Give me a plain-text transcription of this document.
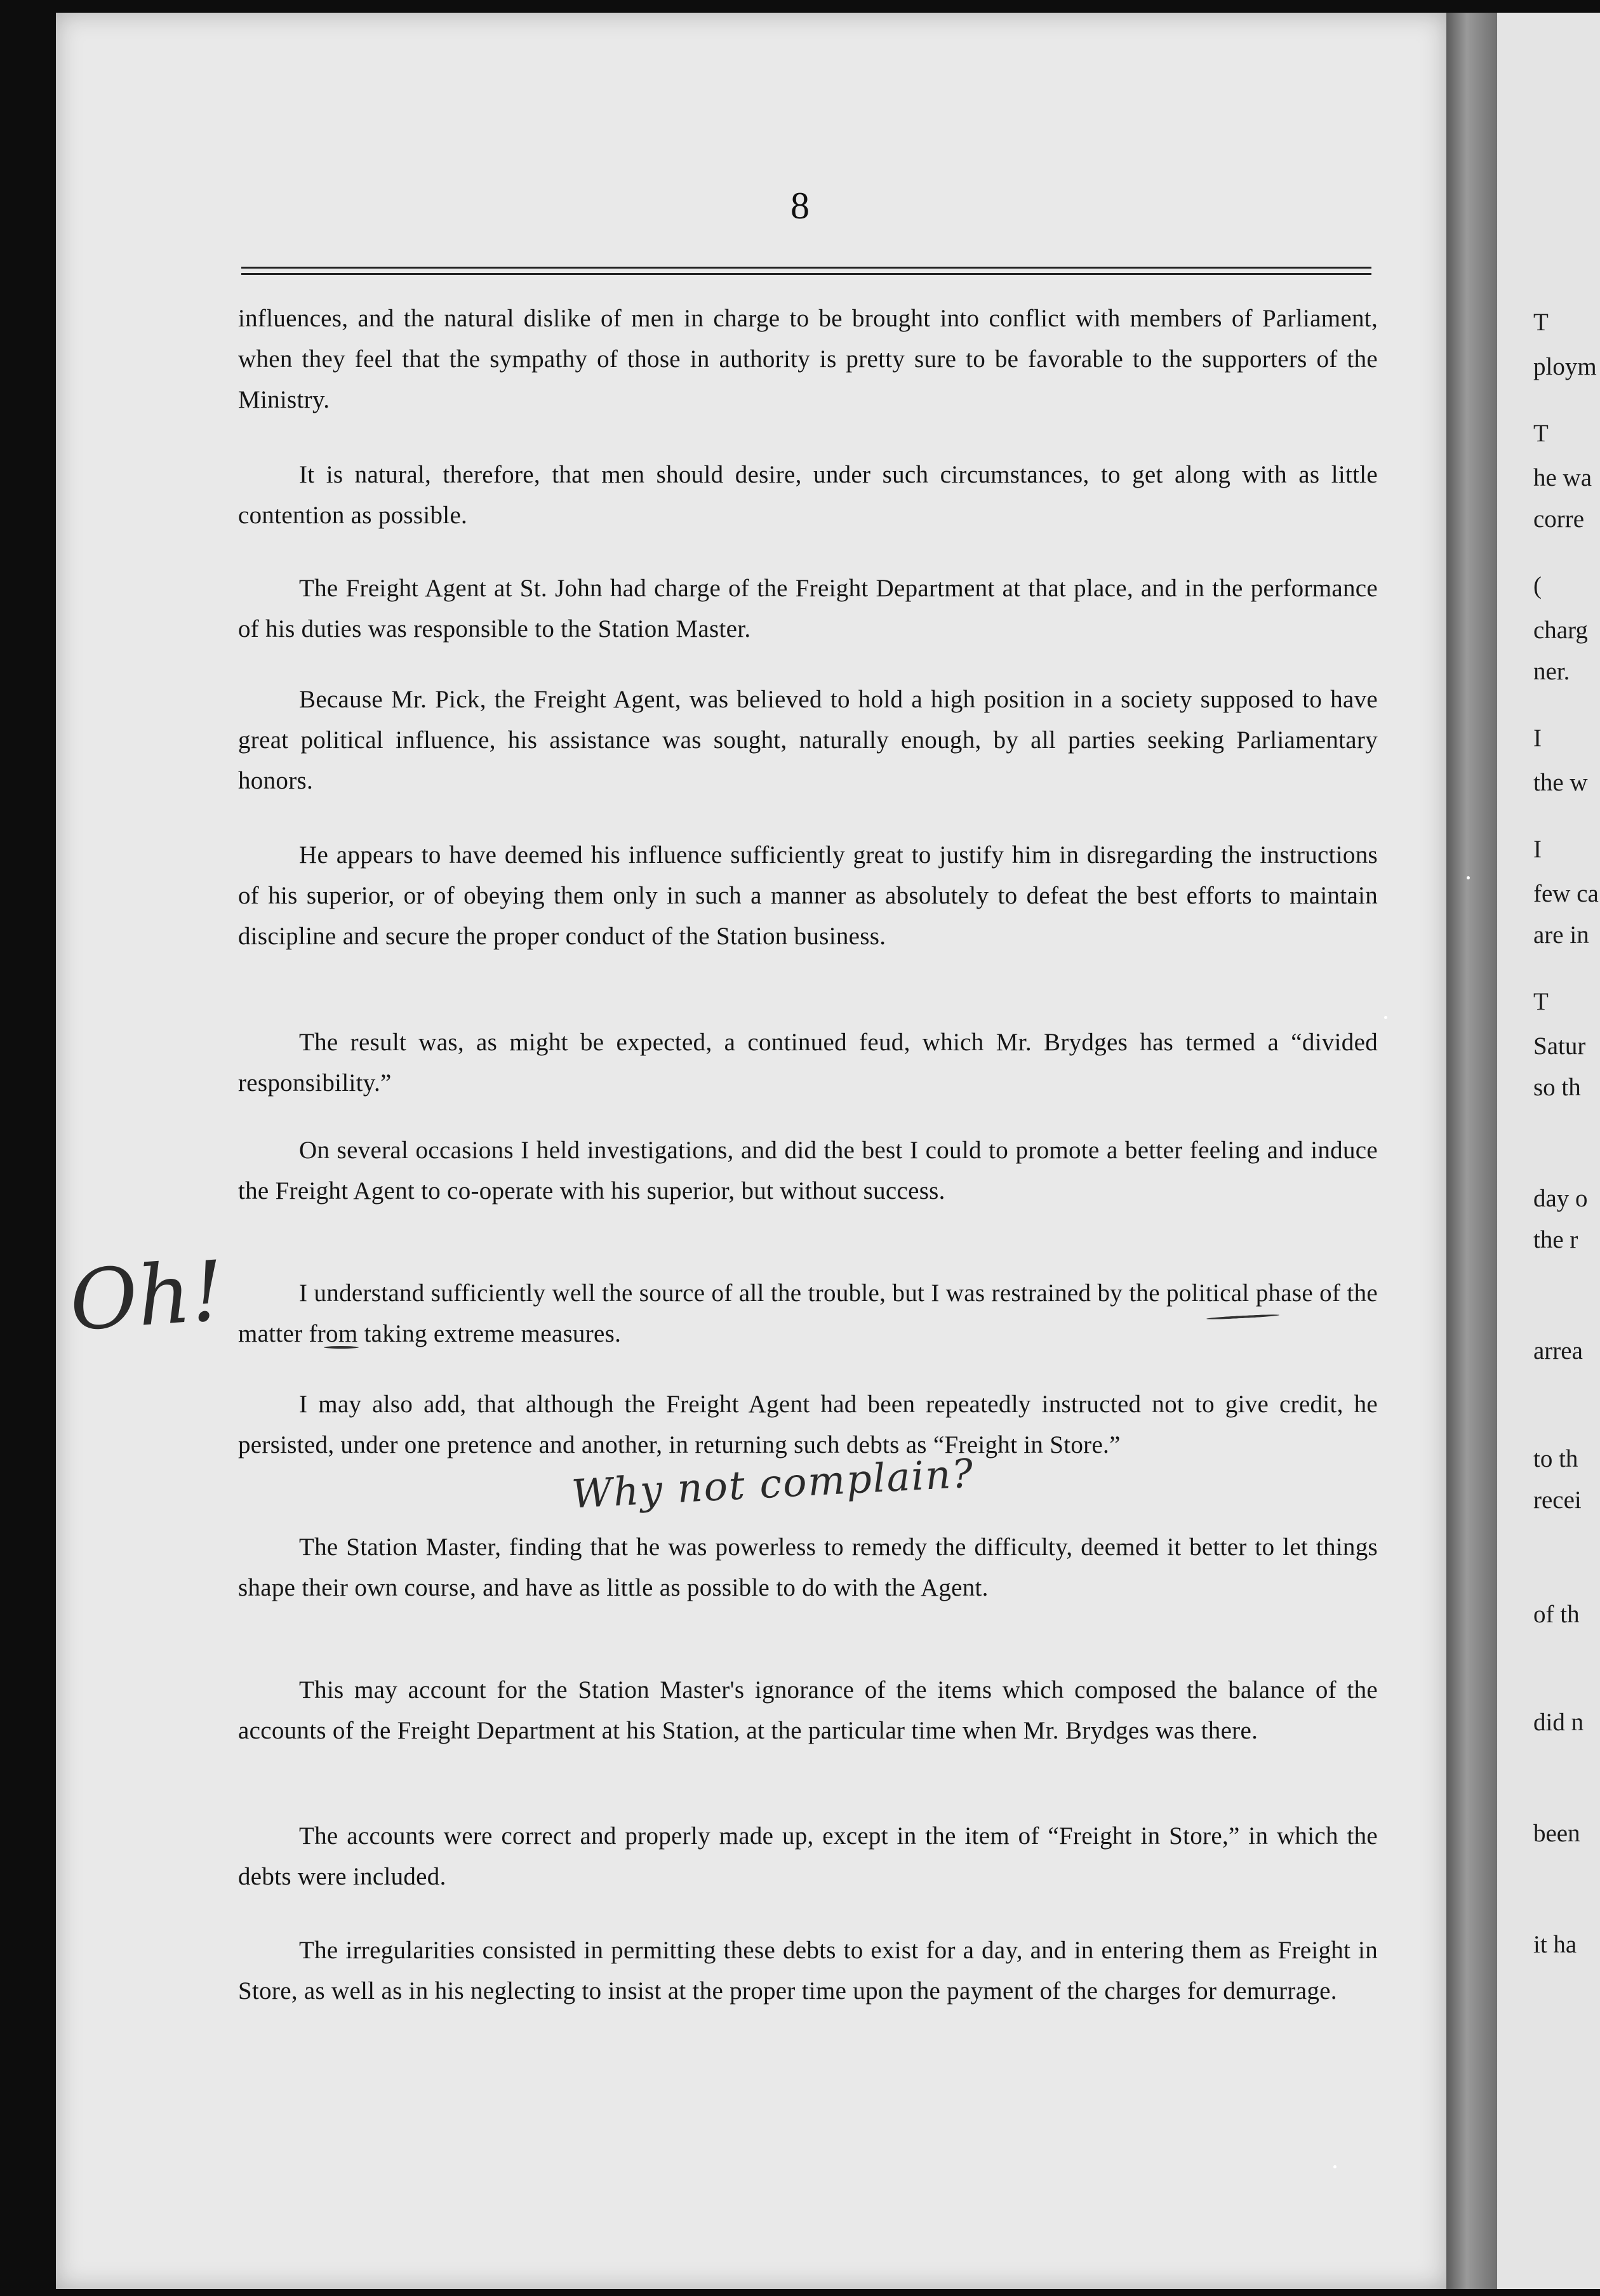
8

influences, and the natural dislike of men in charge to be brought into conflict with members of Parliament, when they feel that the sympathy of those in authority is pretty sure to be favorable to the supporters of the Ministry.

It is natural, therefore, that men should desire, under such circumstances, to get along with as little contention as possible.

The Freight Agent at St. John had charge of the Freight Department at that place, and in the performance of his duties was responsible to the Station Master.

Because Mr. Pick, the Freight Agent, was believed to hold a high position in a society supposed to have great political influence, his assistance was sought, naturally enough, by all parties seeking Parliamentary honors.

He appears to have deemed his influence sufficiently great to justify him in disregarding the instructions of his superior, or of obeying them only in such a manner as absolutely to defeat the best efforts to maintain discipline and secure the proper conduct of the Station business.

The result was, as might be expected, a continued feud, which Mr. Brydges has termed a “divided responsibility.”

On several occasions I held investigations, and did the best I could to promote a better feeling and induce the Freight Agent to co-operate with his superior, but without success.

I understand sufficiently well the source of all the trouble, but I was restrained by the political phase of the matter from taking extreme measures.

I may also add, that although the Freight Agent had been repeatedly instructed not to give credit, he persisted, under one pretence and another, in returning such debts as “Freight in Store.”

The Station Master, finding that he was powerless to remedy the difficulty, deemed it better to let things shape their own course, and have as little as possible to do with the Agent.

This may account for the Station Master's ignorance of the items which composed the balance of the accounts of the Freight Department at his Station, at the particular time when Mr. Brydges was there.

The accounts were correct and properly made up, except in the item of “Freight in Store,” in which the debts were included.

The irregularities consisted in permitting these debts to exist for a day, and in entering them as Freight in Store, as well as in his neglecting to insist at the proper time upon the payment of the charges for demurrage.

Oh!
Why not complain?
T
ploym
T
he wa
corre
(
charg
ner.
I
the w
I
few ca
are in
T
Satur
so th
day o
the r
arrea
to th
recei
of th
did n
been
it ha
